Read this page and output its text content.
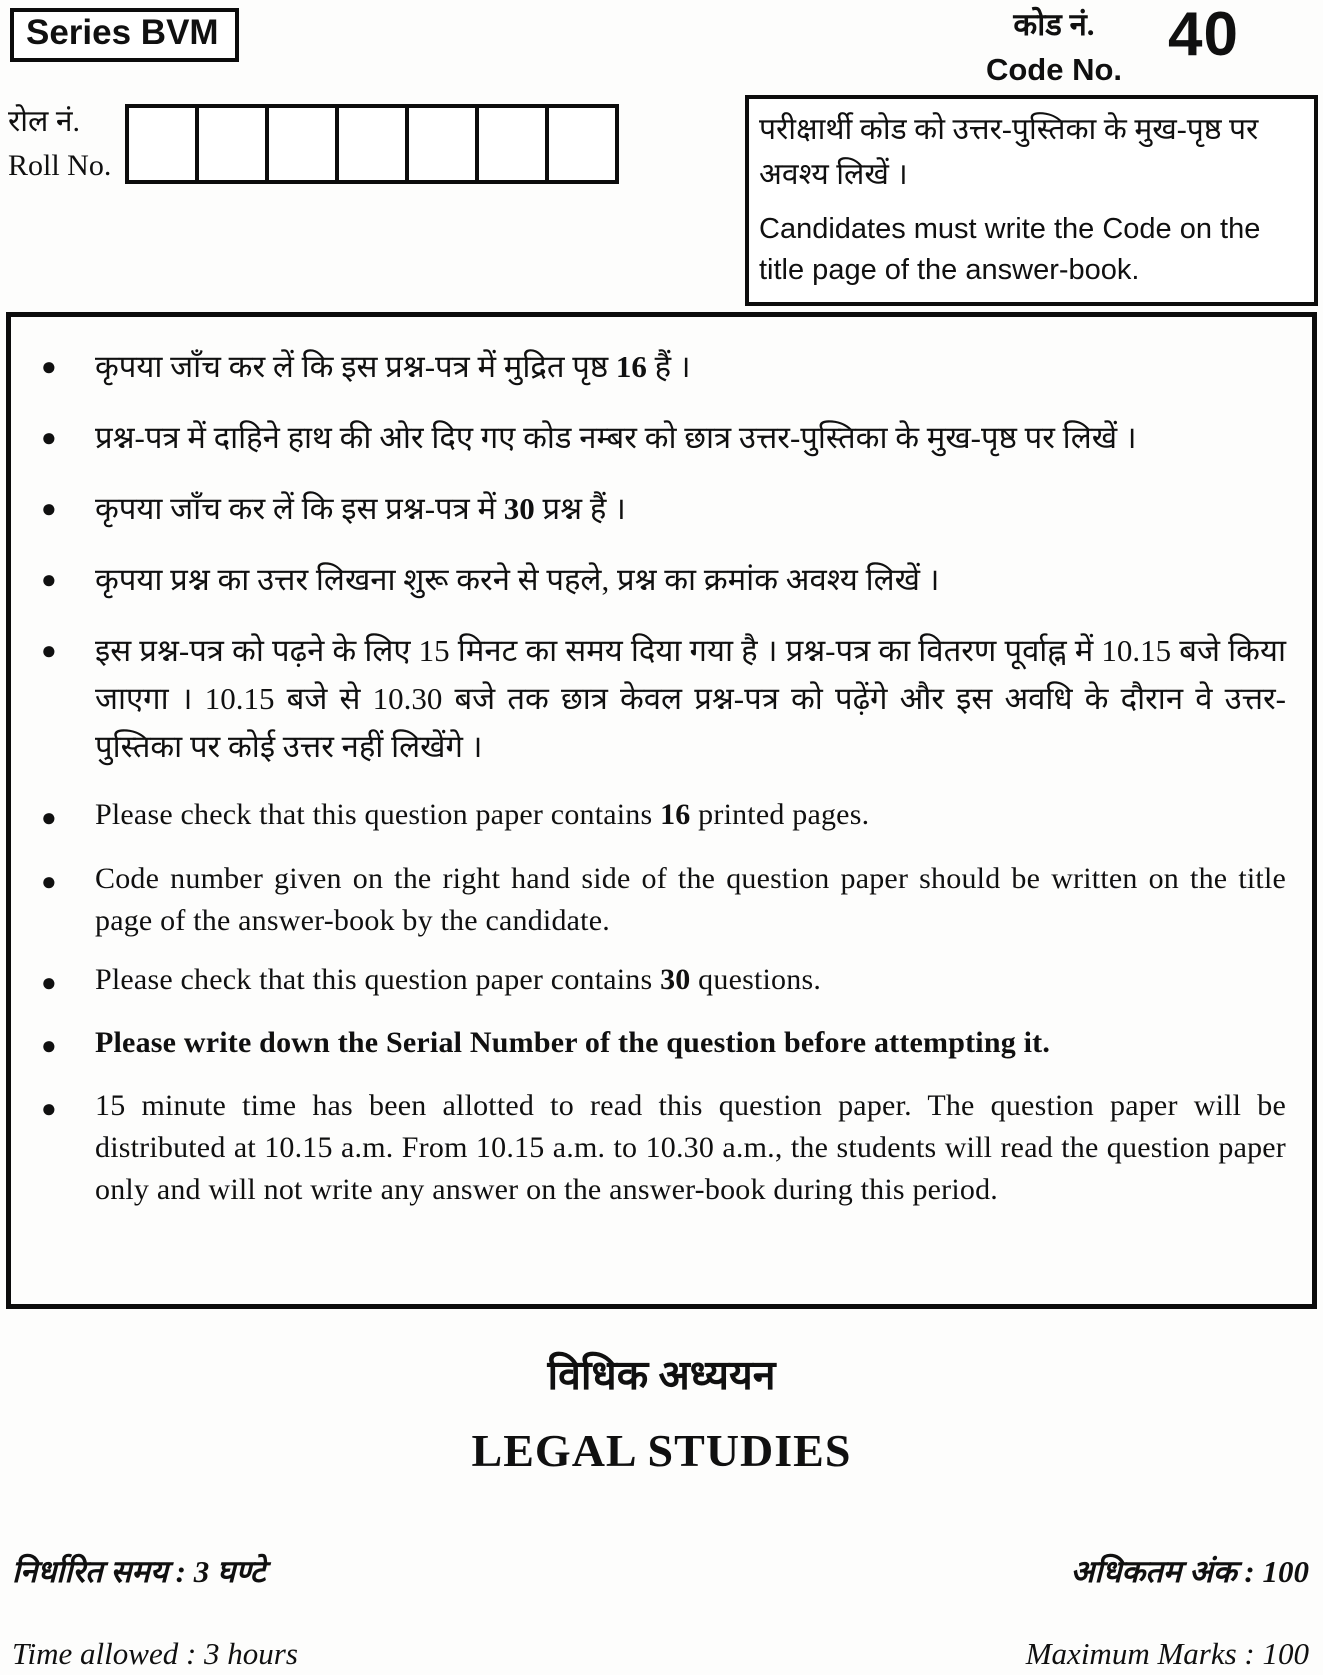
Series BVM	कोड नं.
Code No.
40
रोल नं.
Roll No.
परीक्षार्थी कोड को उत्तर-पुस्तिका के मुख-पृष्ठ पर अवश्य लिखें ।
Candidates must write the Code on the title page of the answer-book.
●	कृपया जाँच कर लें कि इस प्रश्न-पत्र में मुद्रित पृष्ठ 16 हैं ।
●	प्रश्न-पत्र में दाहिने हाथ की ओर दिए गए कोड नम्बर को छात्र उत्तर-पुस्तिका के मुख-पृष्ठ पर लिखें ।
●	कृपया जाँच कर लें कि इस प्रश्न-पत्र में 30 प्रश्न हैं ।
●	कृपया प्रश्न का उत्तर लिखना शुरू करने से पहले, प्रश्न का क्रमांक अवश्य लिखें ।
●	इस प्रश्न-पत्र को पढ़ने के लिए 15 मिनट का समय दिया गया है । प्रश्न-पत्र का वितरण पूर्वाह्न में 10.15 बजे किया जाएगा । 10.15 बजे से 10.30 बजे तक छात्र केवल प्रश्न-पत्र को पढ़ेंगे और इस अवधि के दौरान वे उत्तर-पुस्तिका पर कोई उत्तर नहीं लिखेंगे ।
●	Please check that this question paper contains 16 printed pages.
●	Code number given on the right hand side of the question paper should be written on the title page of the answer-book by the candidate.
●	Please check that this question paper contains 30 questions.
●	Please write down the Serial Number of the question before attempting it.
●	15 minute time has been allotted to read this question paper. The question paper will be distributed at 10.15 a.m. From 10.15 a.m. to 10.30 a.m., the students will read the question paper only and will not write any answer on the answer-book during this period.
विधिक अध्ययन
LEGAL STUDIES
निर्धारित समय : 3 घण्टे	अधिकतम अंक : 100
Time allowed : 3 hours	Maximum Marks : 100
